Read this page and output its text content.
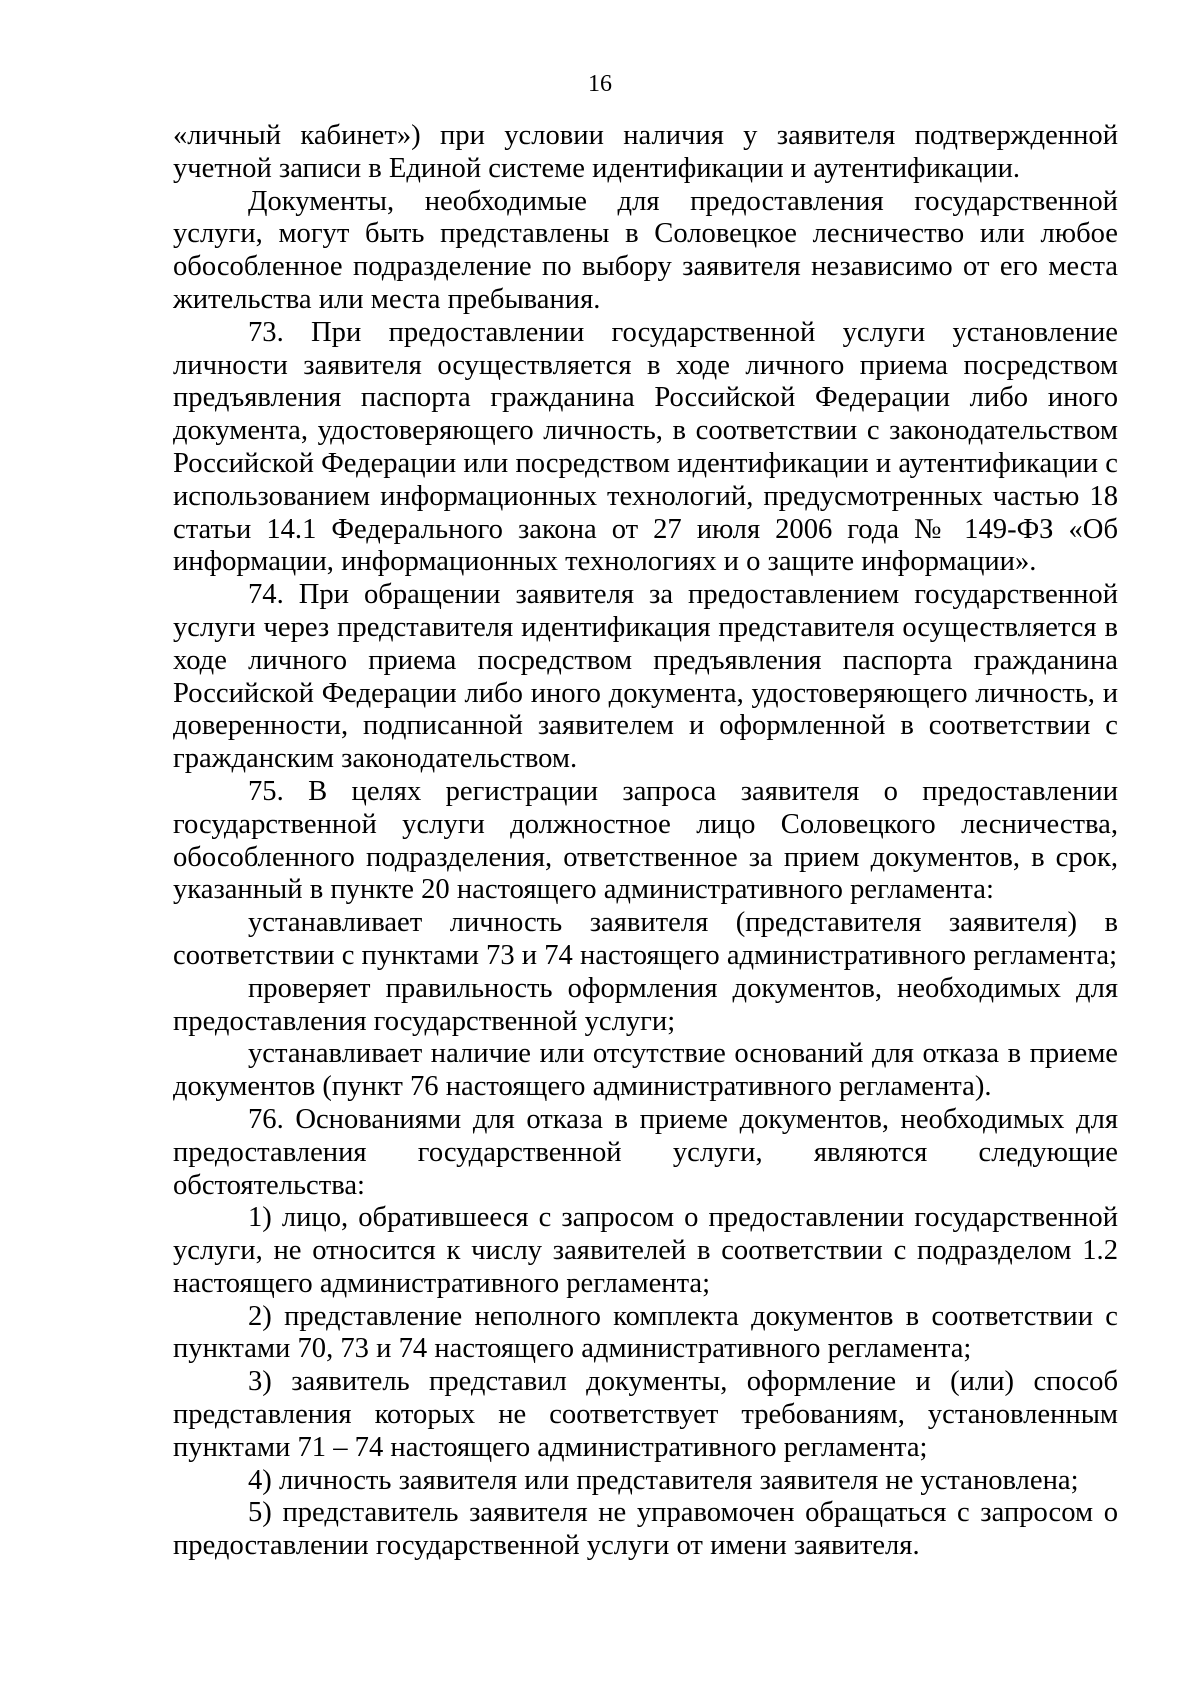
16

«личный кабинет») при условии наличия у заявителя подтвержденной учетной записи в Единой системе идентификации и аутентификации.

Документы, необходимые для предоставления государственной услуги, могут быть представлены в Соловецкое лесничество или любое обособленное подразделение по выбору заявителя независимо от его места жительства или места пребывания.

73. При предоставлении государственной услуги установление личности заявителя осуществляется в ходе личного приема посредством предъявления паспорта гражданина Российской Федерации либо иного документа, удостоверяющего личность, в соответствии с законодательством Российской Федерации или посредством идентификации и аутентификации с использованием информационных технологий, предусмотренных частью 18 статьи 14.1 Федерального закона от 27 июля 2006 года № 149-ФЗ «Об информации, информационных технологиях и о защите информации».

74. При обращении заявителя за предоставлением государственной услуги через представителя идентификация представителя осуществляется в ходе личного приема посредством предъявления паспорта гражданина Российской Федерации либо иного документа, удостоверяющего личность, и доверенности, подписанной заявителем и оформленной в соответствии с гражданским законодательством.

75. В целях регистрации запроса заявителя о предоставлении государственной услуги должностное лицо Соловецкого лесничества, обособленного подразделения, ответственное за прием документов, в срок, указанный в пункте 20 настоящего административного регламента:

устанавливает личность заявителя (представителя заявителя) в соответствии с пунктами 73 и 74 настоящего административного регламента;

проверяет правильность оформления документов, необходимых для предоставления государственной услуги;

устанавливает наличие или отсутствие оснований для отказа в приеме документов (пункт 76 настоящего административного регламента).

76. Основаниями для отказа в приеме документов, необходимых для предоставления государственной услуги, являются следующие обстоятельства:

1) лицо, обратившееся с запросом о предоставлении государственной услуги, не относится к числу заявителей в соответствии с подразделом 1.2 настоящего административного регламента;

2) представление неполного комплекта документов в соответствии с пунктами 70, 73 и 74 настоящего административного регламента;

3) заявитель представил документы, оформление и (или) способ представления которых не соответствует требованиям, установленным пунктами 71 – 74 настоящего административного регламента;

4) личность заявителя или представителя заявителя не установлена;

5) представитель заявителя не управомочен обращаться с запросом о предоставлении государственной услуги от имени заявителя.
